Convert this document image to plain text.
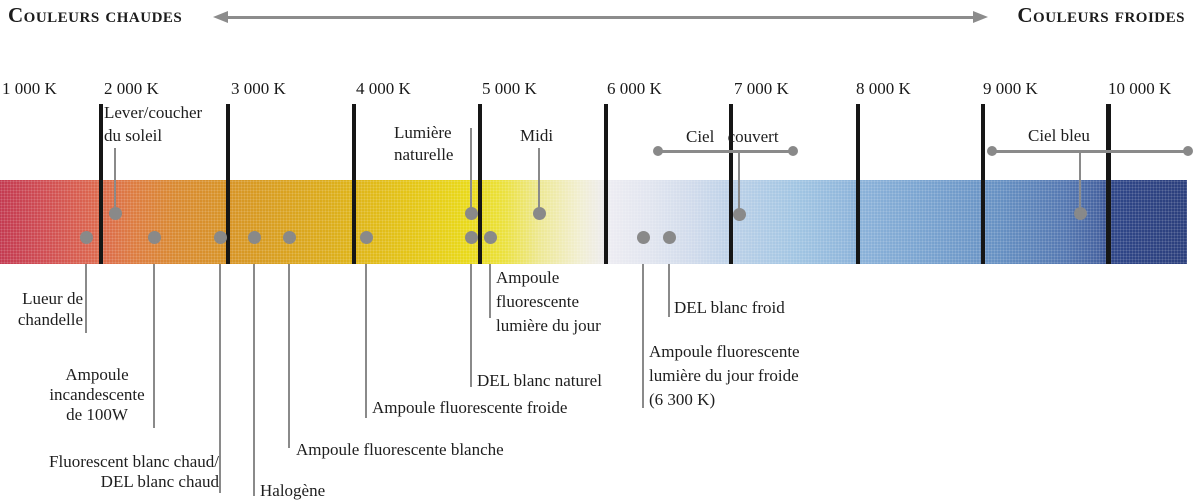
Couleurs chaudes	Couleurs froides
1 000 K	2 000 K	3 000 K	4 000 K	5 000 K	6 000 K	7 000 K	8 000 K	9 000 K	10 000 K
Lever/coucher
du soleil	Lumière
naturelle
Midi	Ciel couvert	Ciel bleu
Lueur de
chandelle
Ampoule
incandescente
de 100W
Fluorescent blanc chaud/
DEL blanc chaud Halogène
Ampoule fluorescente blanche
Ampoule fluorescente froide
DEL blanc naturel
Ampoule
fluorescente
lumière du jour
DEL blanc froid
Ampoule fluorescente
lumière du jour froide
(6 300 K)
